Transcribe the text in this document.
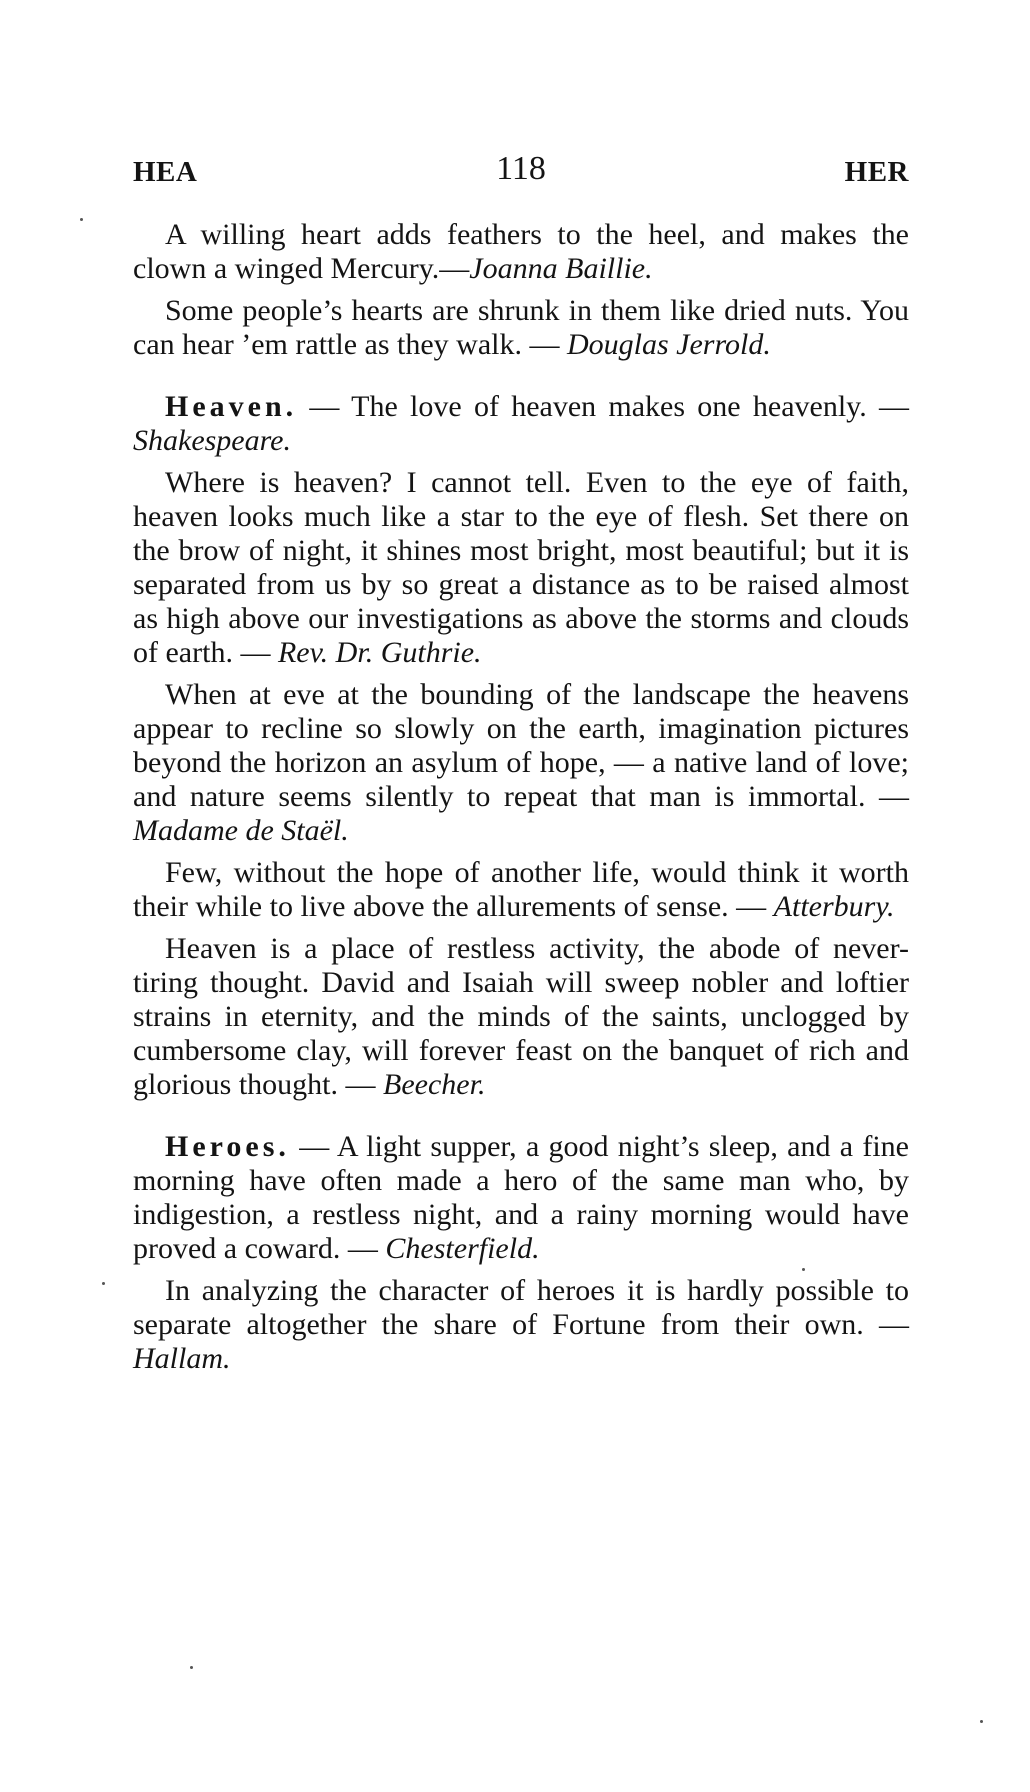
HEA	118	HER

A willing heart adds feathers to the heel, and makes the clown a winged Mercury.—Joanna Baillie.

Some people’s hearts are shrunk in them like dried nuts. You can hear ’em rattle as they walk. — Douglas Jerrold.

Heaven. — The love of heaven makes one heavenly. — Shakespeare.

Where is heaven? I cannot tell. Even to the eye of faith, heaven looks much like a star to the eye of flesh. Set there on the brow of night, it shines most bright, most beautiful; but it is separated from us by so great a distance as to be raised almost as high above our investigations as above the storms and clouds of earth. — Rev. Dr. Guthrie.

When at eve at the bounding of the landscape the heavens appear to recline so slowly on the earth, imagination pictures beyond the horizon an asylum of hope, — a native land of love; and nature seems silently to repeat that man is immortal. — Madame de Staël.

Few, without the hope of another life, would think it worth their while to live above the allurements of sense. — Atterbury.

Heaven is a place of restless activity, the abode of never-tiring thought. David and Isaiah will sweep nobler and loftier strains in eternity, and the minds of the saints, unclogged by cumbersome clay, will forever feast on the banquet of rich and glorious thought. — Beecher.

Heroes. — A light supper, a good night’s sleep, and a fine morning have often made a hero of the same man who, by indigestion, a restless night, and a rainy morning would have proved a coward. — Chesterfield.

In analyzing the character of heroes it is hardly possible to separate altogether the share of Fortune from their own. — Hallam.
